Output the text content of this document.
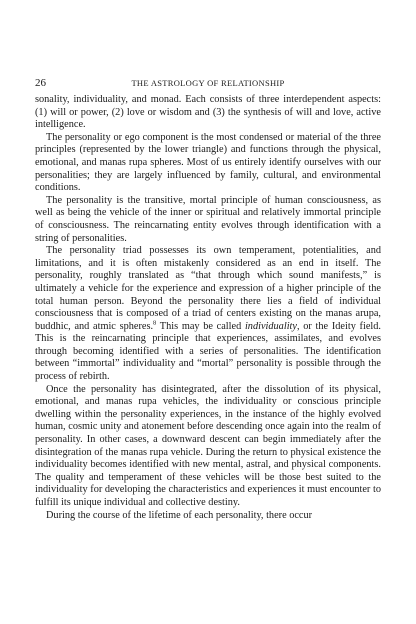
26	THE ASTROLOGY OF RELATIONSHIP

sonality, individuality, and monad. Each consists of three interdependent aspects: (1) will or power, (2) love or wisdom and (3) the synthesis of will and love, active intelligence.

The personality or ego component is the most condensed or material of the three principles (represented by the lower triangle) and functions through the physical, emotional, and manas rupa spheres. Most of us entirely identify ourselves with our personalities; they are largely influenced by family, cultural, and environmental conditions.

The personality is the transitive, mortal principle of human consciousness, as well as being the vehicle of the inner or spiritual and relatively immortal principle of consciousness. The reincarnating entity evolves through identification with a string of personalities.

The personality triad possesses its own temperament, potentialities, and limitations, and it is often mistakenly considered as an end in itself. The personality, roughly translated as “that through which sound manifests,” is ultimately a vehicle for the experience and expression of a higher principle of the total human person. Beyond the personality there lies a field of individual consciousness that is composed of a triad of centers existing on the manas arupa, buddhic, and atmic spheres.$^8$ This may be called individuality, or the Ideity field. This is the reincarnating principle that experiences, assimilates, and evolves through becoming identified with a series of personalities. The identification between “immortal” individuality and “mortal” personality is possible through the process of rebirth.

Once the personality has disintegrated, after the dissolution of its physical, emotional, and manas rupa vehicles, the individuality or conscious principle dwelling within the personality experiences, in the instance of the highly evolved human, cosmic unity and atonement before descending once again into the realm of personality. In other cases, a downward descent can begin immediately after the disintegration of the manas rupa vehicle. During the return to physical existence the individuality becomes identified with new mental, astral, and physical components. The quality and temperament of these vehicles will be those best suited to the individuality for developing the characteristics and experiences it must encounter to fulfill its unique individual and collective destiny.

During the course of the lifetime of each personality, there occur
